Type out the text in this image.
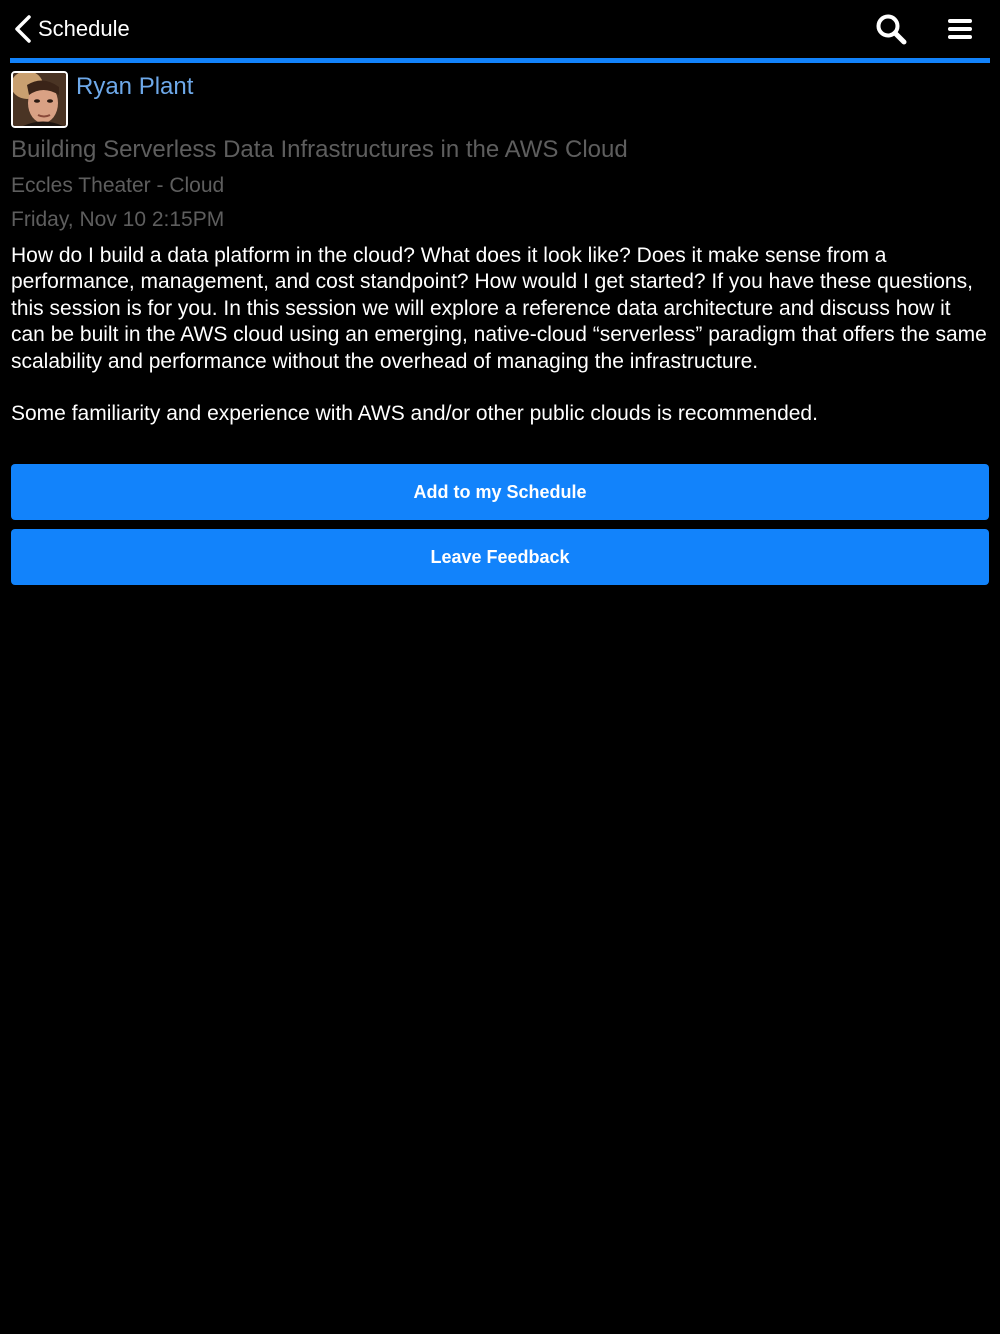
Schedule
Ryan Plant
Building Serverless Data Infrastructures in the AWS Cloud
Eccles Theater - Cloud
Friday, Nov 10 2:15PM

How do I build a data platform in the cloud? What does it look like? Does it make sense from a performance, management, and cost standpoint? How would I get started? If you have these questions, this session is for you. In this session we will explore a reference data architecture and discuss how it can be built in the AWS cloud using an emerging, native-cloud “serverless” paradigm that offers the same scalability and performance without the overhead of managing the infrastructure.

Some familiarity and experience with AWS and/or other public clouds is recommended.

Add to my Schedule
Leave Feedback
